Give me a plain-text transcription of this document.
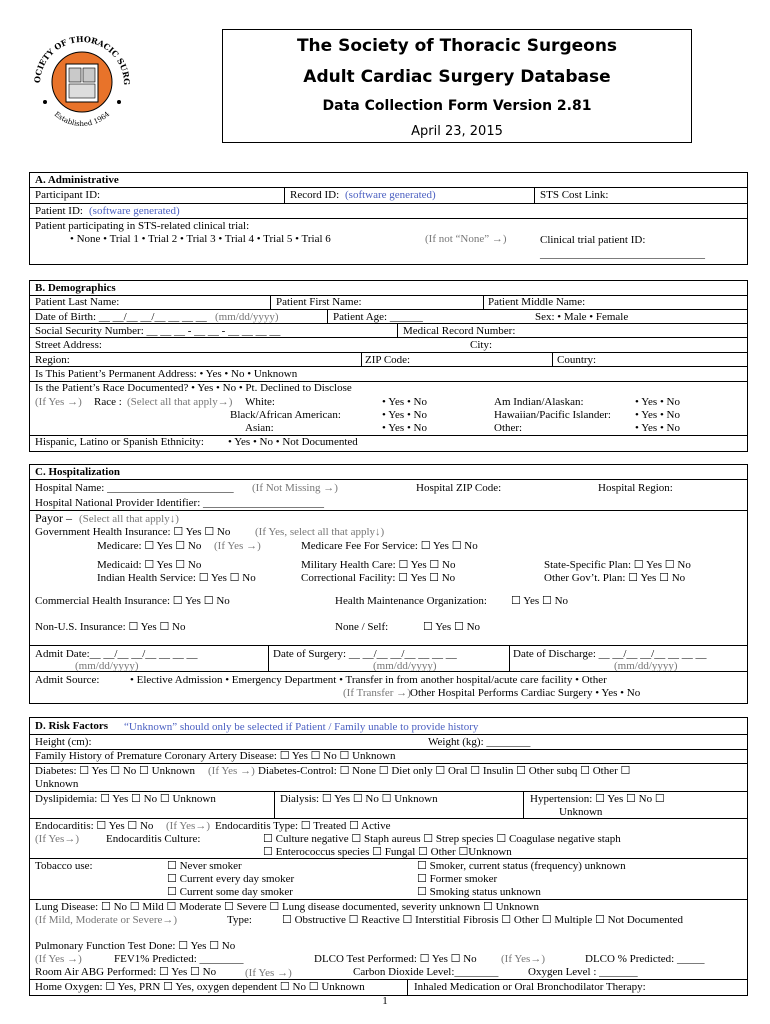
OCIETY OF THORACIC SURG
Established 1964
The Society of Thoracic Surgeons
Adult Cardiac Surgery Database
Data Collection Form Version 2.81
April 23, 2015
A. Administrative
Participant ID:	Record ID: (software generated)	STS Cost Link:
Patient ID: (software generated)
Patient participating in STS-related clinical trial:
• None • Trial 1 • Trial 2 • Trial 3 • Trial 4 • Trial 5 • Trial 6	(If not “None” →)	Clinical trial patient ID:
______________________________
B. Demographics
Patient Last Name:	Patient First Name:	Patient Middle Name:
Date of Birth: __ __/__ __/__ __ __ __ (mm/dd/yyyy)	Patient Age: ______	Sex: • Male • Female
Social Security Number: __ __ __ - __ __ - __ __ __ __	Medical Record Number:
Street Address:	City:
Region:	ZIP Code:	Country:
Is This Patient’s Permanent Address: • Yes • No • Unknown
Is the Patient’s Race Documented? • Yes • No • Pt. Declined to Disclose
(If Yes →) Race : (Select all that apply→) White:	• Yes • No	Am Indian/Alaskan:	• Yes • No
Black/African American:	• Yes • No	Hawaiian/Pacific Islander: • Yes • No
Asian:	• Yes • No	Other:	• Yes • No
Hispanic, Latino or Spanish Ethnicity: • Yes • No • Not Documented
C. Hospitalization
Hospital Name: _______________________ (If Not Missing →)	Hospital ZIP Code:	Hospital Region:
Hospital National Provider Identifier: ______________________
Payor – (Select all that apply↓)
Government Health Insurance: ☐ Yes ☐ No (If Yes, select all that apply↓)
Medicare: ☐ Yes ☐ No (If Yes →)	Medicare Fee For Service: ☐ Yes ☐ No
Medicaid: ☐ Yes ☐ No	Military Health Care: ☐ Yes ☐ No	State-Specific Plan: ☐ Yes ☐ No
Indian Health Service: ☐ Yes ☐ No	Correctional Facility: ☐ Yes ☐ No	Other Gov’t. Plan: ☐ Yes ☐ No
Commercial Health Insurance: ☐ Yes ☐ No	Health Maintenance Organization: ☐ Yes ☐ No
Non-U.S. Insurance: ☐ Yes ☐ No	None / Self:	☐ Yes ☐ No
Admit Date:__ __/__ __/__ __ __ __
(mm/dd/yyyy)
Date of Surgery: __ __/__ __/__ __ __ __
(mm/dd/yyyy)
Date of Discharge: __ __/__ __/__ __ __ __
(mm/dd/yyyy)
Admit Source:	• Elective Admission • Emergency Department • Transfer in from another hospital/acute care facility • Other
(If Transfer →) Other Hospital Performs Cardiac Surgery • Yes • No
D. Risk Factors “Unknown” should only be selected if Patient / Family unable to provide history
Height (cm):	Weight (kg): ________
Family History of Premature Coronary Artery Disease: ☐ Yes ☐ No ☐ Unknown
Diabetes: ☐ Yes ☐ No ☐ Unknown (If Yes →) Diabetes-Control: ☐ None ☐ Diet only ☐ Oral ☐ Insulin ☐ Other subq ☐ Other ☐
Unknown
Dyslipidemia: ☐ Yes ☐ No ☐ Unknown	Dialysis: ☐ Yes ☐ No ☐ Unknown	Hypertension: ☐ Yes ☐ No ☐
Unknown
Endocarditis: ☐ Yes ☐ No (If Yes→) Endocarditis Type: ☐ Treated ☐ Active
(If Yes→) Endocarditis Culture:	☐ Culture negative ☐ Staph aureus ☐ Strep species ☐ Coagulase negative staph
☐ Enterococcus species ☐ Fungal ☐ Other ☐Unknown
Tobacco use:	☐ Never smoker
☐ Current every day smoker
☐ Current some day smoker
☐ Smoker, current status (frequency) unknown
☐ Former smoker
☐ Smoking status unknown
Lung Disease: ☐ No ☐ Mild ☐ Moderate ☐ Severe ☐ Lung disease documented, severity unknown ☐ Unknown
(If Mild, Moderate or Severe→)	Type:	☐ Obstructive ☐ Reactive ☐ Interstitial Fibrosis ☐ Other ☐ Multiple ☐ Not Documented
Pulmonary Function Test Done: ☐ Yes ☐ No
(If Yes →)	FEV1% Predicted: ________	DLCO Test Performed: ☐ Yes ☐ No (If Yes→)	DLCO % Predicted: _____
Room Air ABG Performed: ☐ Yes ☐ No	(If Yes →)	Carbon Dioxide Level:________	Oxygen Level : _______
Home Oxygen: ☐ Yes, PRN ☐ Yes, oxygen dependent ☐ No ☐ Unknown	Inhaled Medication or Oral Bronchodilator Therapy:
1
